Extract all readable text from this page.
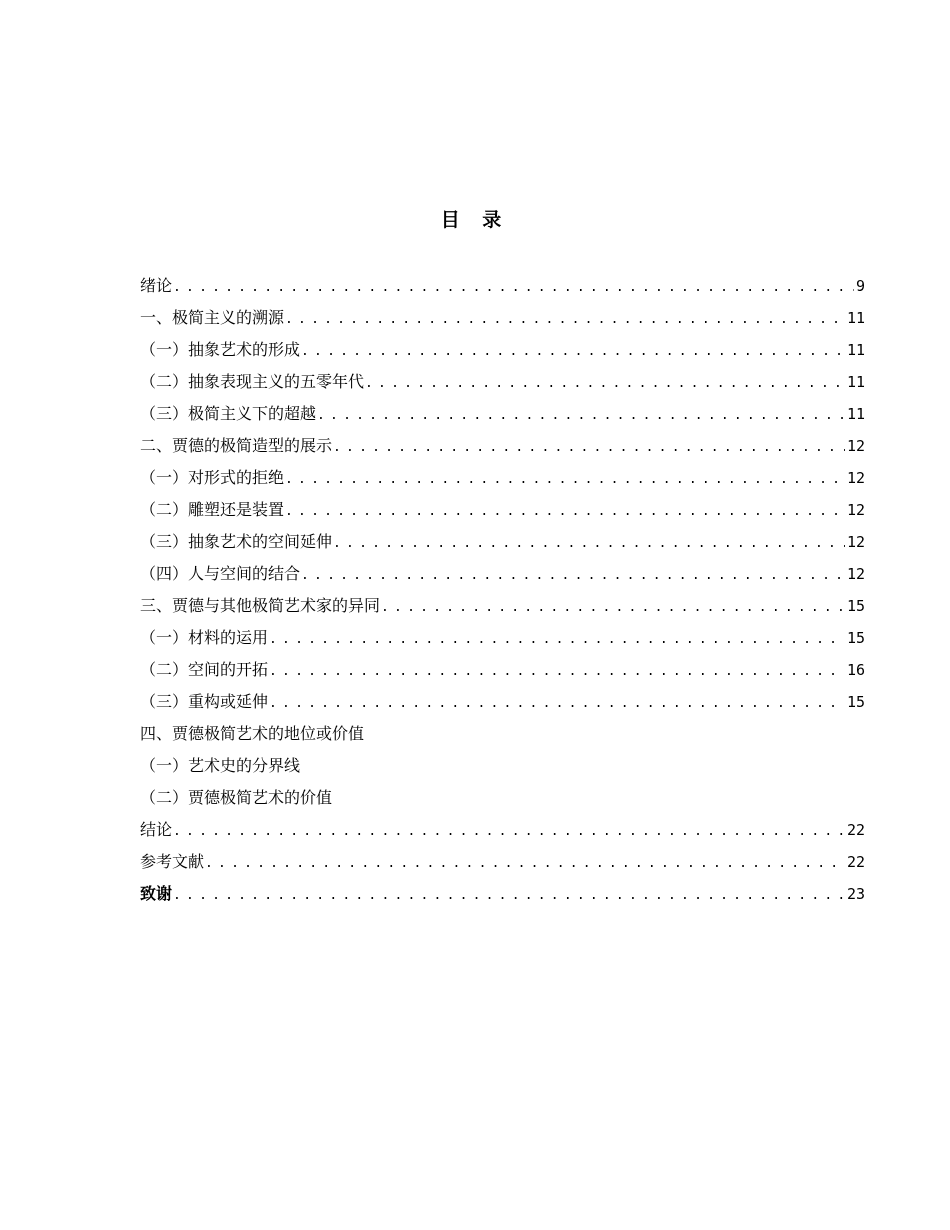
目 录
绪论 .....	9
一、极简主义的溯源 .....	11
（一）抽象艺术的形成 .....	11
（二）抽象表现主义的五零年代 .....	11
（三）极简主义下的超越 .....	11
二、贾德的极简造型的展示 .....	12
（一）对形式的拒绝 .....	12
（二）雕塑还是装置 .....	12
（三）抽象艺术的空间延伸 .....	12
（四）人与空间的结合 .....	12
三、贾德与其他极简艺术家的异同 .....	15
（一）材料的运用 .....	15
（二）空间的开拓 .....	16
（三）重构或延伸 .....	15
四、贾德极简艺术的地位或价值
（一）艺术史的分界线
（二）贾德极简艺术的价值
结论 .....	22
参考文献 .....	22
致谢 .....	23
